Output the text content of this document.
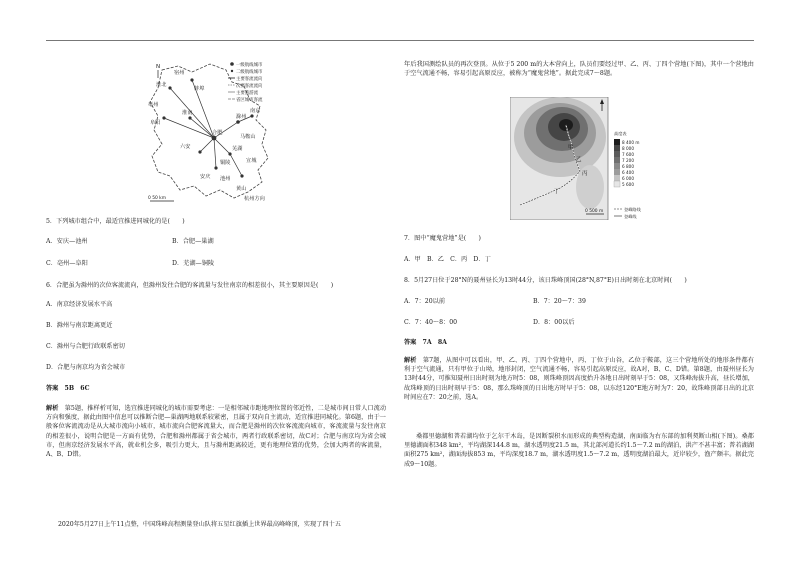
宿州
淮北
亳州
蚌埠
阜阳
淮南
六安
合肥
滁州
马鞍山
芜湖
宣城
铜陵
安庆 池州
黄山
南京
杭州方向
N	一级航线城市
二级航线城市
主要客流流向
次要客流流向
主要旅游流
省区城市客流
0 50 km

5．下列城市组合中，最适宜推进同城化的是(　　)

A．安庆—池州	B．合肥—巢湖
C．亳州—阜阳	D．芜湖—铜陵

6．合肥虽为滁州的次位客流流向，但滁州发往合肥的客流量与发往南京的相差很小，其主要原因是(　　)

A．南京经济发展水平高
B．滁州与南京距离更近
C．滁州与合肥行政联系密切
D．合肥与南京均为省会城市
答案　5B　6C

解析　 第5题，推样析可知，选宜推进同城化的城市需要考虑：一是相邻城市距地理位置的邻近性，二是城市间日常人口流动方向和强度，据此由图中信息可以推断合肥—巢湖两地联系较紧密，且属于双向自主流动，适宜推进同城化。第6题，由于一般客位客流流动是从大城市流向小城市，城市流向合肥客流量大，而合肥是滁州的次位客流流向城市，客流流量与发往南京的相差很小，说明合肥是一方面有优势，合肥和滁州都属于省会城市，两者行政联系密切，故C对；合肥与南京均为省会城市，但南京经济发展水平高，就业机会多，吸引力更大，且与滁州距离较近，更有地理位置的优势，会加大两者的客流量，A、B、D错。

2020年5月27日上午11点整，中国珠峰高程测量登山队将五星红旗插上世界最高峰峰顶，实现了四十五

年后我国测绘队员的再次登顶。从位于5 200 m的大本营向上，队员们要经过甲、乙、丙、丁四个营地(下图)，其中一个营地由于空气流通不畅，容易引起高原反应，被称为“魔鬼营地”。据此完成7～8题。

甲
乙
丙
丁
0 500 m
高度表
8 400 m
8 000
7 600
7 200
6 800
6 400
6 000
5 600
登峰路线
登峰线
7．图中“魔鬼营地”是(　　)
A．甲　B．乙　C．丙　D．丁
8．5月27日位于28°N的聂州昼长为13时44分，该日珠峰顶国(28°N,87°E)日出时刻在北京时间(　　)
A．7：20以前	B．7：20～7：39
C．7：40～8：00	D．8：00以后
答案　7A　8A

解析　 第7题，从图中可以看出，甲、乙、丙、丁四个营地中，丙、丁位于山谷，乙位于鞍部，这三个营地所处的地形条件都有利于空气流通，只有甲位于山坳，地形封闭，空气流通不畅，容易引起高原反应，故A对，B、C、D错。第8题，由聂州昼长为13时44分，可推知聂州日出时刻为地方时5：08，则珠峰顶因高度抬升各地日出时刻早于5：08，又珠峰海拔升高，昼长增加，故珠峰顶的日出时刻早于5：08，那么珠峰顶的日出地方时早于5：08，以东经120°E地方时为7：20，故珠峰顶部日出的北京时间应在7：20之前，选A。

桑都里德湖和普若湖均位于乞尔干木岛，是因断裂积水而形成的典型构造湖，南面临为右东部的加利契断山相(下图)。桑都里德湖面积348 km²，平均湖深144.8 m，湖水透明度21.5 m，其北部河道长约1.5～7.2 m的湖泊，洪产不甚丰富；普若湖湖面积275 km²，湖面海拔853 m，平均深度18.7 m，湖水透明度1.5～7.2 m，透明度湖泊最大，近岸较少，渔产颇丰。据此完成9～10题。
